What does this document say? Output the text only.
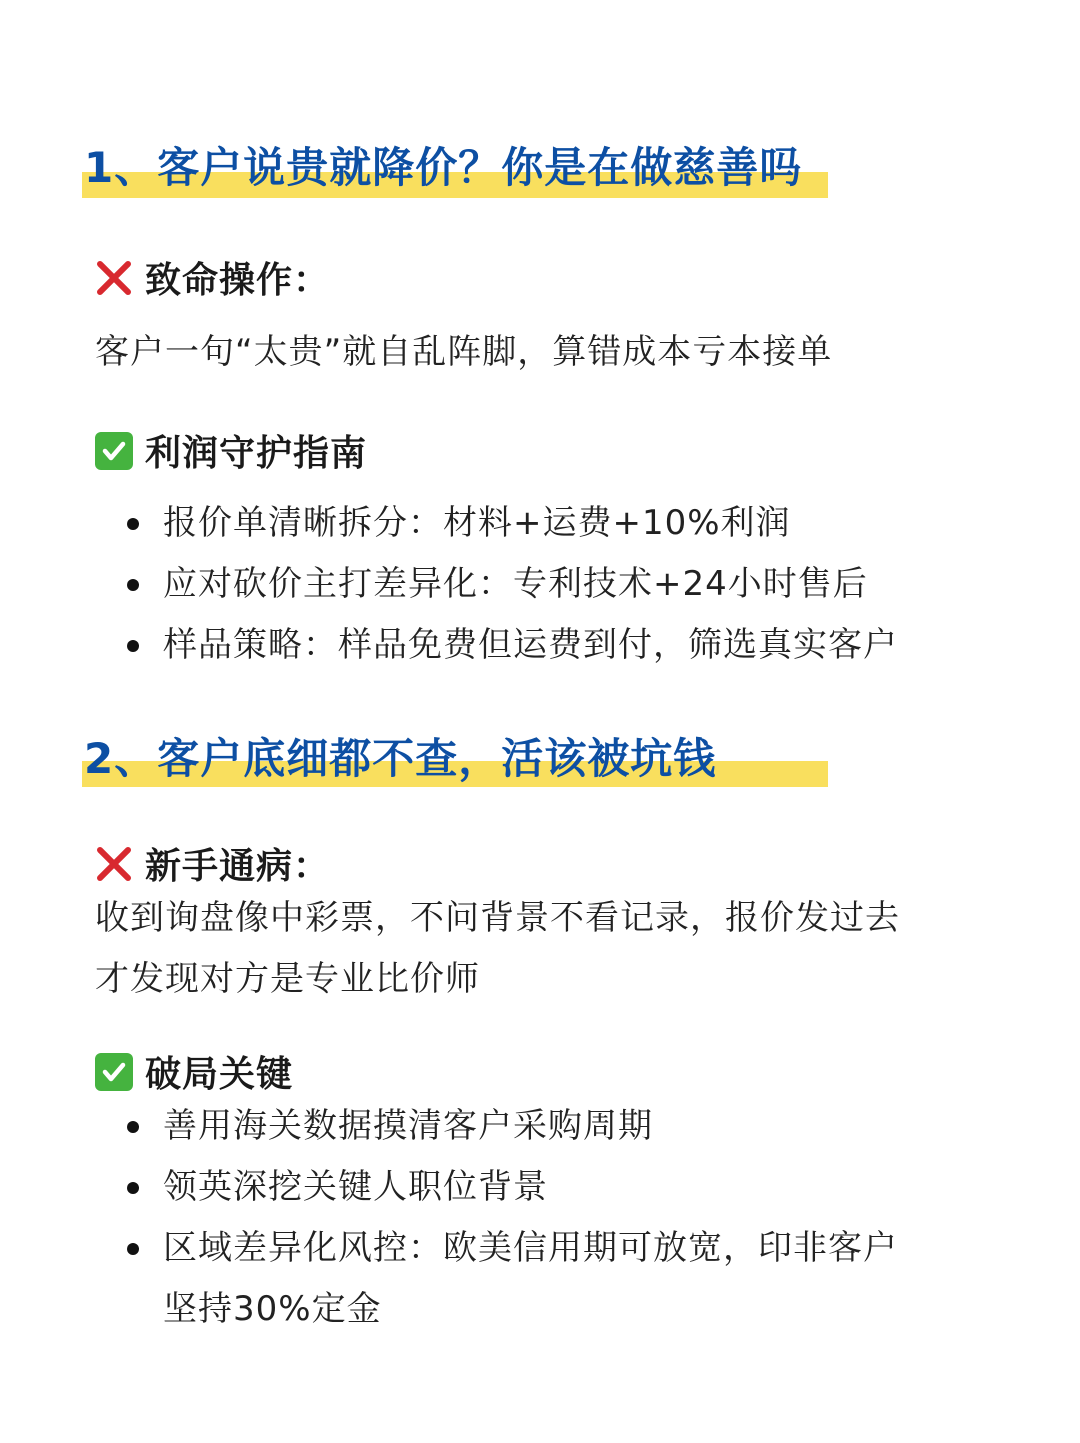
1、客户说贵就降价？你是在做慈善吗
致命操作：
客户一句“太贵”就自乱阵脚，算错成本亏本接单
利润守护指南
报价单清晰拆分：材料+运费+10%利润
应对砍价主打差异化：专利技术+24小时售后
样品策略：样品免费但运费到付，筛选真实客户
2、客户底细都不查，活该被坑钱
新手通病：
收到询盘像中彩票，不问背景不看记录，报价发过去
才发现对方是专业比价师
破局关键
善用海关数据摸清客户采购周期
领英深挖关键人职位背景
区域差异化风控：欧美信用期可放宽，印非客户
坚持30%定金
